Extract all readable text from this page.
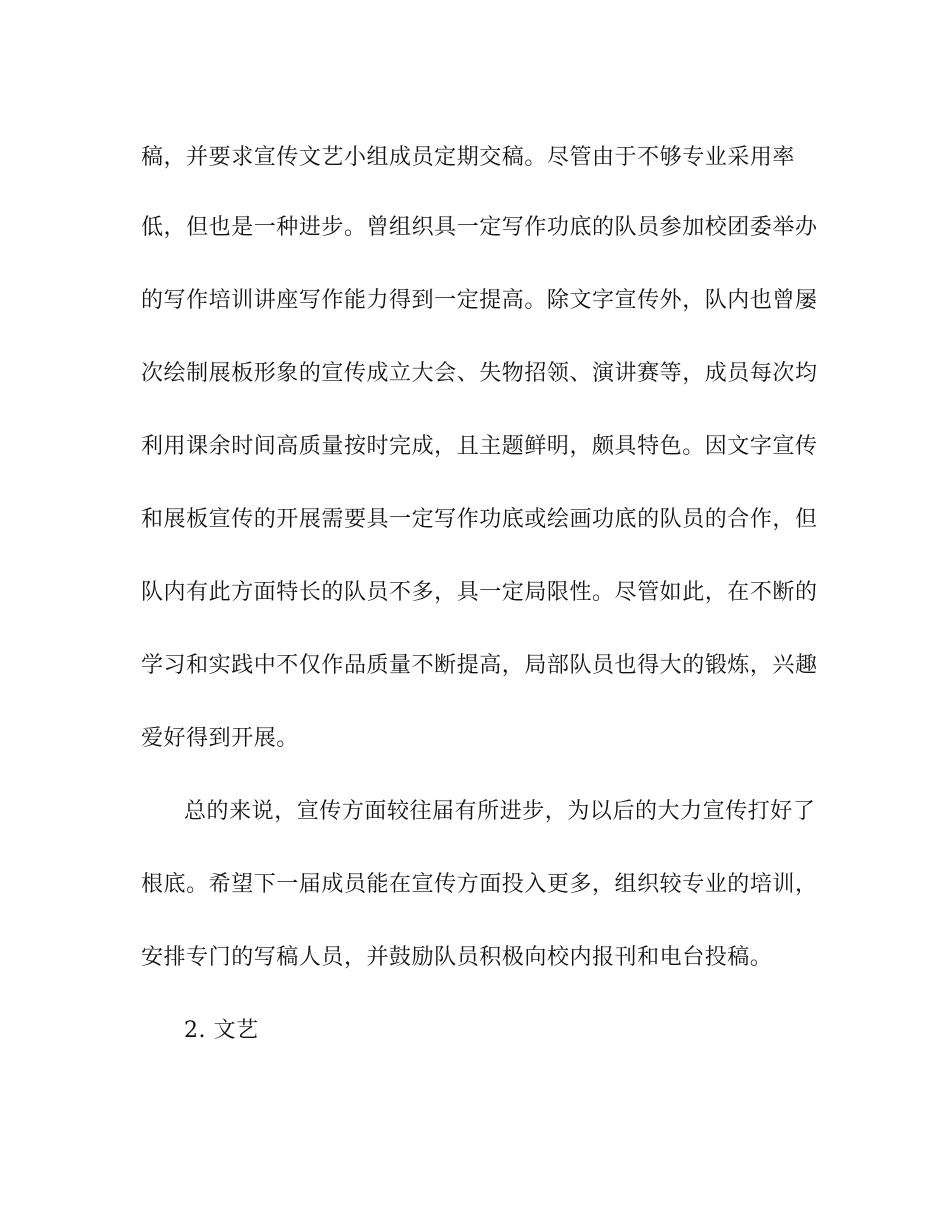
稿，并要求宣传文艺小组成员定期交稿。尽管由于不够专业采用率
低，但也是一种进步。曾组织具一定写作功底的队员参加校团委举办
的写作培训讲座写作能力得到一定提高。除文字宣传外，队内也曾屡
次绘制展板形象的宣传成立大会、失物招领、演讲赛等，成员每次均
利用课余时间高质量按时完成，且主题鲜明，颇具特色。因文字宣传
和展板宣传的开展需要具一定写作功底或绘画功底的队员的合作，但
队内有此方面特长的队员不多，具一定局限性。尽管如此，在不断的
学习和实践中不仅作品质量不断提高，局部队员也得大的锻炼，兴趣
爱好得到开展。
总的来说，宣传方面较往届有所进步，为以后的大力宣传打好了
根底。希望下一届成员能在宣传方面投入更多，组织较专业的培训，
安排专门的写稿人员，并鼓励队员积极向校内报刊和电台投稿。
2. 文艺
